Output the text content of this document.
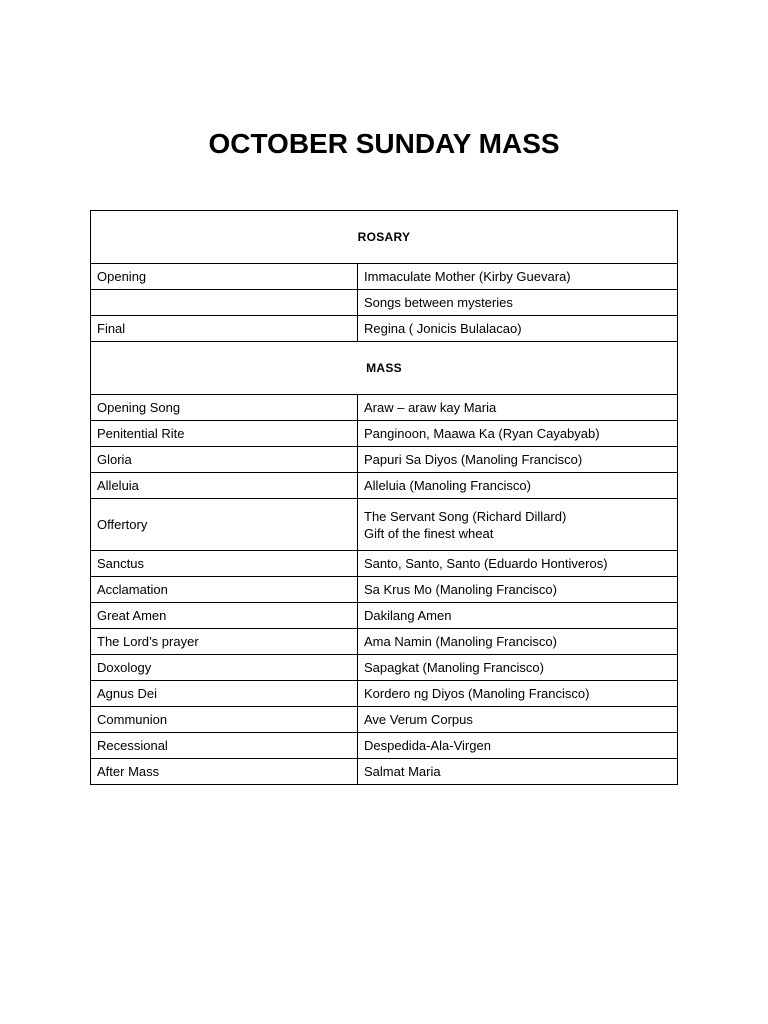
OCTOBER SUNDAY MASS
ROSARY	
Opening	Immaculate Mother (Kirby Guevara)

	Songs between mysteries

Final	Regina ( Jonicis Bulalacao)

MASS	
Opening Song	Araw – araw kay Maria

Penitential Rite	Panginoon, Maawa Ka (Ryan Cayabyab)

Gloria	Papuri Sa Diyos (Manoling Francisco)

Alleluia	Alleluia (Manoling Francisco)

Offertory	The Servant Song (Richard Dillard)
Gift of the finest wheat

Sanctus	Santo, Santo, Santo (Eduardo Hontiveros)

Acclamation	Sa Krus Mo (Manoling Francisco)

Great Amen	Dakilang Amen

The Lord’s prayer	Ama Namin (Manoling Francisco)

Doxology	Sapagkat (Manoling Francisco)

Agnus Dei	Kordero ng Diyos (Manoling Francisco)

Communion	Ave Verum Corpus

Recessional	Despedida-Ala-Virgen

After Mass	Salmat Maria
